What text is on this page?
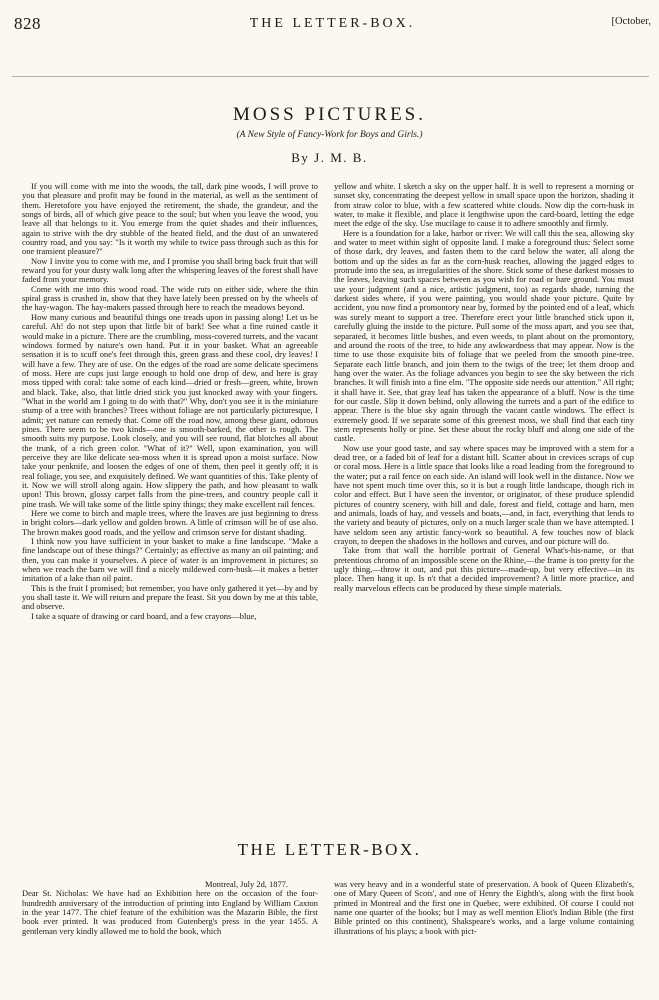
828	THE LETTER-BOX.	[October,
MOSS PICTURES.
(A New Style of Fancy-Work for Boys and Girls.)
By J. M. B.

If you will come with me into the woods, the tall, dark pine woods, I will prove to you that pleasure and profit may be found in the material, as well as the sentiment of them. Heretofore you have enjoyed the retirement, the shade, the grandeur, and the songs of birds, all of which give peace to the soul; but when you leave the wood, you leave all that belongs to it. You emerge from the quiet shades and their influences, again to strive with the dry stubble of the heated field, and the dust of an unwatered country road, and you say: "Is it worth my while to twice pass through such as this for one transient pleasure?"

Now I invite you to come with me, and I promise you shall bring back fruit that will reward you for your dusty walk long after the whispering leaves of the forest shall have faded from your memory.

Come with me into this wood road. The wide ruts on either side, where the thin spiral grass is crushed in, show that they have lately been pressed on by the wheels of the hay-wagon. The hay-makers passed through here to reach the meadows beyond.

How many curious and beautiful things one treads upon in passing along! Let us be careful. Ah! do not step upon that little bit of bark! See what a fine ruined castle it would make in a picture. There are the crumbling, moss-covered turrets, and the vacant windows formed by nature's own hand. Put it in your basket. What an agreeable sensation it is to scuff one's feet through this, green grass and these cool, dry leaves! I will have a few. They are of use. On the edges of the road are some delicate specimens of moss. Here are cups just large enough to hold one drop of dew, and here is gray moss tipped with coral: take some of each kind—dried or fresh—green, white, brown and black. Take, also, that little dried stick you just knocked away with your fingers. "What in the world am I going to do with that?" Why, don't you see it is the miniature stump of a tree with branches? Trees without foliage are not particularly picturesque, I admit; yet nature can remedy that. Come off the road now, among these giant, odorous pines. There seem to be two kinds—one is smooth-barked, the other is rough. The smooth suits my purpose. Look closely, and you will see round, flat blotches all about the trunk, of a rich green color. "What of it?" Well, upon examination, you will perceive they are like delicate sea-moss when it is spread upon a moist surface. Now take your penknife, and loosen the edges of one of them, then peel it gently off; it is real foliage, you see, and exquisitely defined. We want quantities of this. Take plenty of it. Now we will stroll along again. How slippery the path, and how pleasant to walk upon! This brown, glossy carpet falls from the pine-trees, and country people call it pine trash. We will take some of the little spiny things; they make excellent rail fences.

Here we come to birch and maple trees, where the leaves are just beginning to dress in bright colors—dark yellow and golden brown. A little of crimson will be of use also. The brown makes good roads, and the yellow and crimson serve for distant shading.

I think now you have sufficient in your basket to make a fine landscape. "Make a fine landscape out of these things?" Certainly; as effective as many an oil painting; and then, you can make it yourselves. A piece of water is an improvement in pictures; so when we reach the barn we will find a nicely mildewed corn-husk—it makes a better imitation of a lake than oil paint.

This is the fruit I promised; but remember, you have only gathered it yet—by and by you shall taste it. We will return and prepare the feast. Sit you down by me at this table, and observe.

I take a square of drawing or card board, and a few crayons—blue,

yellow and white. I sketch a sky on the upper half. It is well to represent a morning or sunset sky, concentrating the deepest yellow in small space upon the horizon, shading it from straw color to blue, with a few scattered white clouds. Now dip the corn-husk in water, to make it flexible, and place it lengthwise upon the card-board, letting the edge meet the edge of the sky. Use mucilage to cause it to adhere smoothly and firmly.

Here is a foundation for a lake, harbor or river: We will call this the sea, allowing sky and water to meet within sight of opposite land. I make a foreground thus: Select some of those dark, dry leaves, and fasten them to the card below the water, all along the bottom and up the sides as far as the corn-husk reaches, allowing the jagged edges to protrude into the sea, as irregularities of the shore. Stick some of these darkest mosses to the leaves, leaving such spaces between as you wish for road or bare ground. You must use your judgment (and a nice, artistic judgment, too) as regards shade, turning the darkest sides where, if you were painting, you would shade your picture. Quite by accident, you now find a promontory near by, formed by the pointed end of a leaf, which was surely meant to support a tree. Therefore erect your little branched stick upon it, carefully gluing the inside to the picture. Pull some of the moss apart, and you see that, separated, it becomes little bushes, and even weeds, to plant about on the promontory, and around the roots of the tree, to hide any awkwardness that may appear. Now is the time to use those exquisite bits of foliage that we peeled from the smooth pine-tree. Separate each little branch, and join them to the twigs of the tree; let them droop and hang over the water. As the foliage advances you begin to see the sky between the rich branches. It will finish into a fine elm. "The opposite side needs our attention." All right; it shall have it. See, that gray leaf has taken the appearance of a bluff. Now is the time for our castle. Slip it down behind, only allowing the turrets and a part of the edifice to appear. There is the blue sky again through the vacant castle windows. The effect is extremely good. If we separate some of this greenest moss, we shall find that each tiny stem represents holly or pine. Set these about the rocky bluff and along one side of the castle.

Now use your good taste, and say where spaces may be improved with a stem for a dead tree, or a faded bit of leaf for a distant hill. Scatter about in crevices scraps of cup or coral moss. Here is a little space that looks like a road leading from the foreground to the water; put a rail fence on each side. An island will look well in the distance. Now we have not spent much time over this, so it is but a rough little landscape, though rich in color and effect. But I have seen the inventor, or originator, of these produce splendid pictures of country scenery, with hill and dale, forest and field, cottage and barn, men and animals, loads of hay, and vessels and boats,—and, in fact, everything that lends to the variety and beauty of pictures, only on a much larger scale than we have attempted. I have seldom seen any artistic fancy-work so beautiful. A few touches now of black crayon, to deepen the shadows in the hollows and curves, and our picture will do.

Take from that wall the horrible portrait of General What's-his-name, or that pretentious chromo of an impossible scene on the Rhine,—the frame is too pretty for the ugly thing,—throw it out, and put this picture—made-up, but very effective—in its place. Then hang it up. Is n't that a decided improvement? A little more practice, and really marvelous effects can be produced by these simple materials.

THE LETTER-BOX.
Montreal, July 2d, 1877.

Dear St. Nicholas: We have had an Exhibition here on the occasion of the four-hundredth anniversary of the introduction of printing into England by William Caxton in the year 1477. The chief feature of the exhibition was the Mazarin Bible, the first book ever printed. It was produced from Gutenberg's press in the year 1455. A gentleman very kindly allowed me to hold the book, which

was very heavy and in a wonderful state of preservation. A book of Queen Elizabeth's, one of Mary Queen of Scots', and one of Henry the Eighth's, along with the first book printed in Montreal and the first one in Quebec, were exhibited. Of course I could not name one quarter of the books; but I may as well mention Eliot's Indian Bible (the first Bible printed on this continent), Shakspeare's works, and a large volume containing illustrations of his plays; a book with pict-
